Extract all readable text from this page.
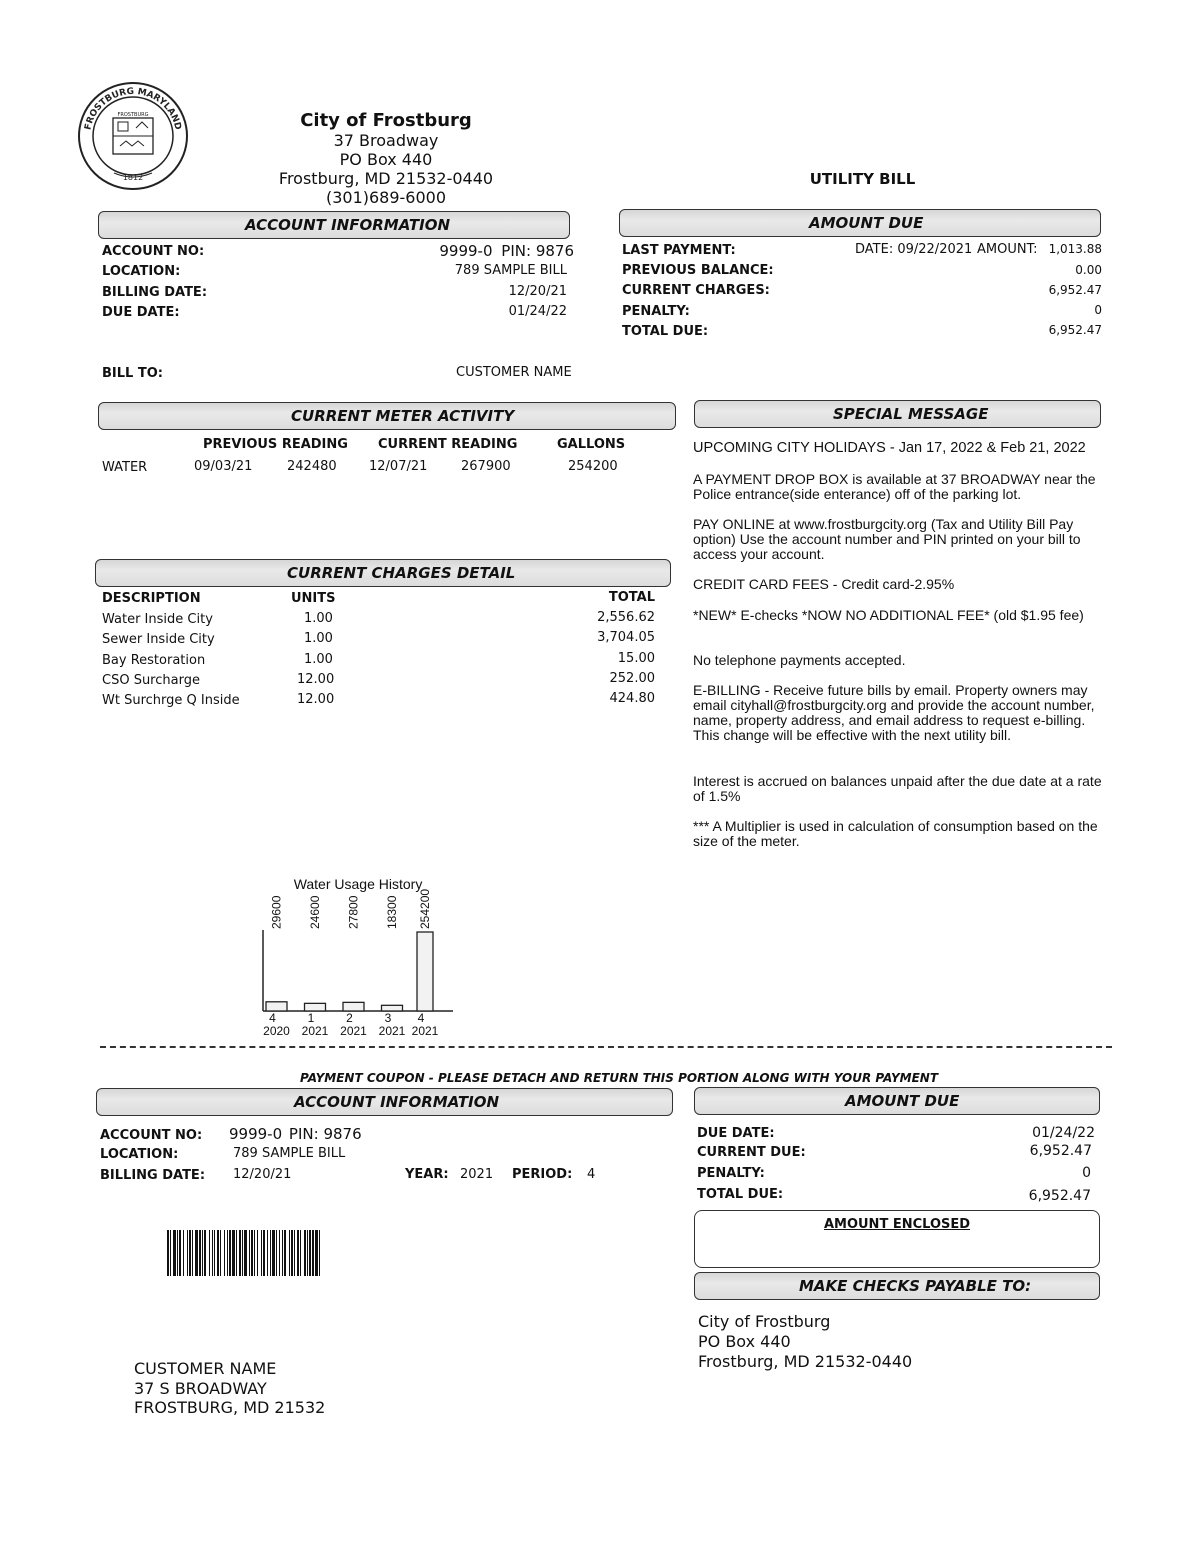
FROSTBURG MARYLAND
FROSTBURG
1812
City of Frostburg
37 Broadway
PO Box 440
Frostburg, MD 21532-0440
(301)689-6000
UTILITY BILL
ACCOUNT INFORMATION
ACCOUNT NO:	9999-0 PIN: 9876
LOCATION:	789 SAMPLE BILL
BILLING DATE:	12/20/21
DUE DATE:	01/24/22
BILL TO:	CUSTOMER NAME
AMOUNT DUE
LAST PAYMENT:	DATE: 09/22/2021 AMOUNT: 1,013.88
PREVIOUS BALANCE:	0.00
CURRENT CHARGES:	6,952.47
PENALTY:	0
TOTAL DUE:	6,952.47
CURRENT METER ACTIVITY
PREVIOUS READING CURRENT READING	GALLONS
WATER	09/03/21	242480 12/07/21	267900	254200
CURRENT CHARGES DETAIL
DESCRIPTION	UNITS	TOTAL
Water Inside City	1.00	2,556.62
Sewer Inside City	1.00	3,704.05
Bay Restoration	1.00	15.00
CSO Surcharge	12.00	252.00
Wt Surchrge Q Inside	12.00	424.80
SPECIAL MESSAGE
UPCOMING CITY HOLIDAYS - Jan 17, 2022 & Feb 21, 2022
A PAYMENT DROP BOX is available at 37 BROADWAY near the Police entrance(side enterance) off of the parking lot.
PAY ONLINE at www.frostburgcity.org (Tax and Utility Bill Pay option) Use the account number and PIN printed on your bill to access your account.
CREDIT CARD FEES - Credit card-2.95%
*NEW* E-checks *NOW NO ADDITIONAL FEE* (old $1.95 fee)
No telephone payments accepted.
E-BILLING - Receive future bills by email. Property owners may email cityhall@frostburgcity.org and provide the account number, name, property address, and email address to request e-billing. This change will be effective with the next utility bill.
Interest is accrued on balances unpaid after the due date at a rate of 1.5%
*** A Multiplier is used in calculation of consumption based on the size of the meter.
Water Usage History
29600
4
2020
24600
1
2021
27800
2
2021
18300
3
2021
254200
4
2021
PAYMENT COUPON - PLEASE DETACH AND RETURN THIS PORTION ALONG WITH YOUR PAYMENT
ACCOUNT INFORMATION
ACCOUNT NO: 9999-0 PIN: 9876
LOCATION:	789 SAMPLE BILL
BILLING DATE: 12/20/21	YEAR: 2021 PERIOD: 4
AMOUNT DUE
DUE DATE:	01/24/22
CURRENT DUE:	6,952.47
PENALTY:	0
TOTAL DUE:	6,952.47
AMOUNT ENCLOSED
MAKE CHECKS PAYABLE TO:
City of Frostburg
PO Box 440
Frostburg, MD 21532-0440
CUSTOMER NAME
37 S BROADWAY
FROSTBURG, MD 21532
